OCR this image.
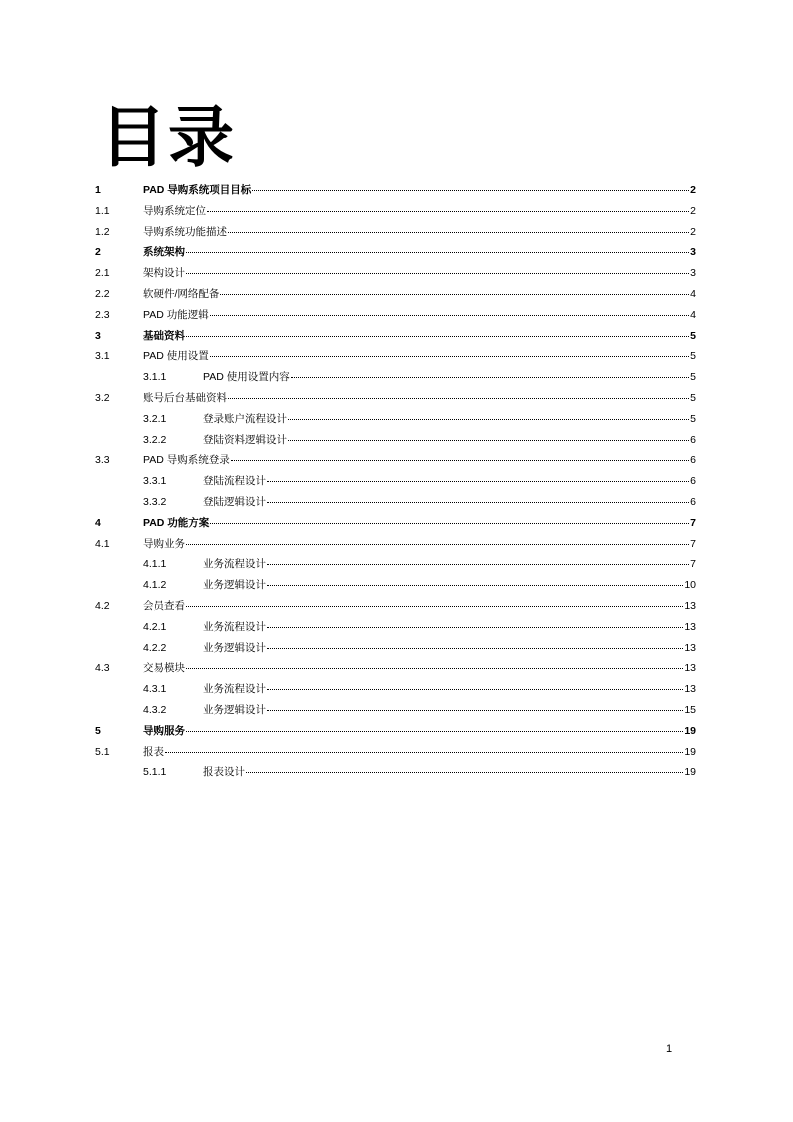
目录
1	PAD 导购系统项目目标	2
1.1	导购系统定位	2
1.2	导购系统功能描述	2
2	系统架构	3
2.1	架构设计	3
2.2	软硬件/网络配备	4
2.3	PAD 功能逻辑	4
3	基础资料	5
3.1	PAD 使用设置	5
3.1.1	PAD 使用设置内容	5
3.2	账号后台基础资料	5
3.2.1	登录账户流程设计	5
3.2.2	登陆资料逻辑设计	6
3.3	PAD 导购系统登录	6
3.3.1	登陆流程设计	6
3.3.2	登陆逻辑设计	6
4	PAD 功能方案	7
4.1	导购业务	7
4.1.1	业务流程设计	7
4.1.2	业务逻辑设计	10
4.2	会员查看	13
4.2.1	业务流程设计	13
4.2.2	业务逻辑设计	13
4.3	交易模块	13
4.3.1	业务流程设计	13
4.3.2	业务逻辑设计	15
5	导购服务	19
5.1	报表	19
5.1.1	报表设计	19
1
